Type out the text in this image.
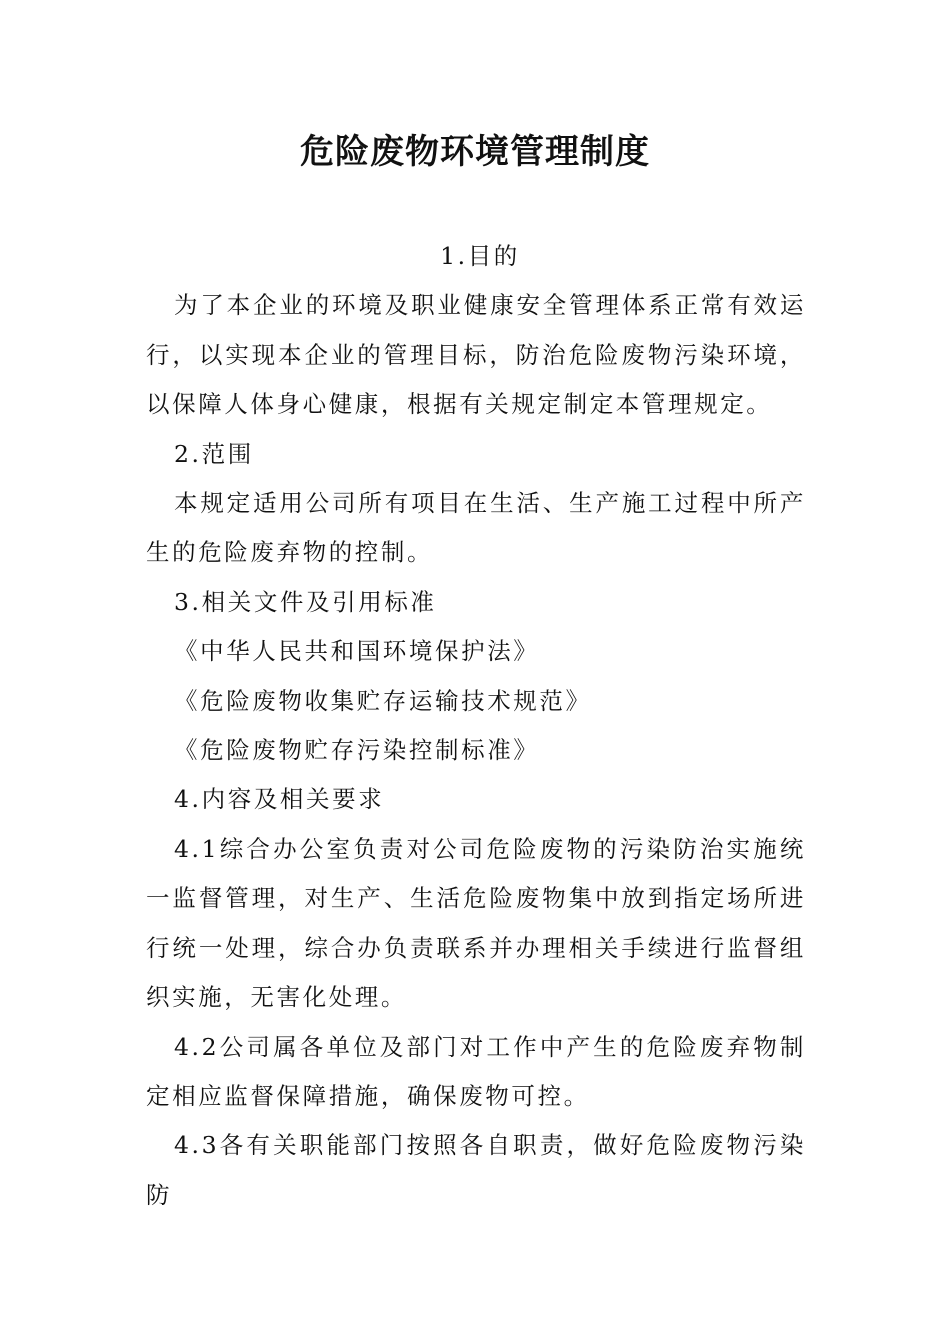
危险废物环境管理制度

1.目的

为了本企业的环境及职业健康安全管理体系正常有效运行，以实现本企业的管理目标，防治危险废物污染环境，以保障人体身心健康，根据有关规定制定本管理规定。

2.范围

本规定适用公司所有项目在生活、生产施工过程中所产生的危险废弃物的控制。

3.相关文件及引用标准

《中华人民共和国环境保护法》

《危险废物收集贮存运输技术规范》

《危险废物贮存污染控制标准》

4.内容及相关要求

4.1综合办公室负责对公司危险废物的污染防治实施统一监督管理，对生产、生活危险废物集中放到指定场所进行统一处理，综合办负责联系并办理相关手续进行监督组织实施，无害化处理。

4.2公司属各单位及部门对工作中产生的危险废弃物制定相应监督保障措施，确保废物可控。

4.3各有关职能部门按照各自职责，做好危险废物污染防
